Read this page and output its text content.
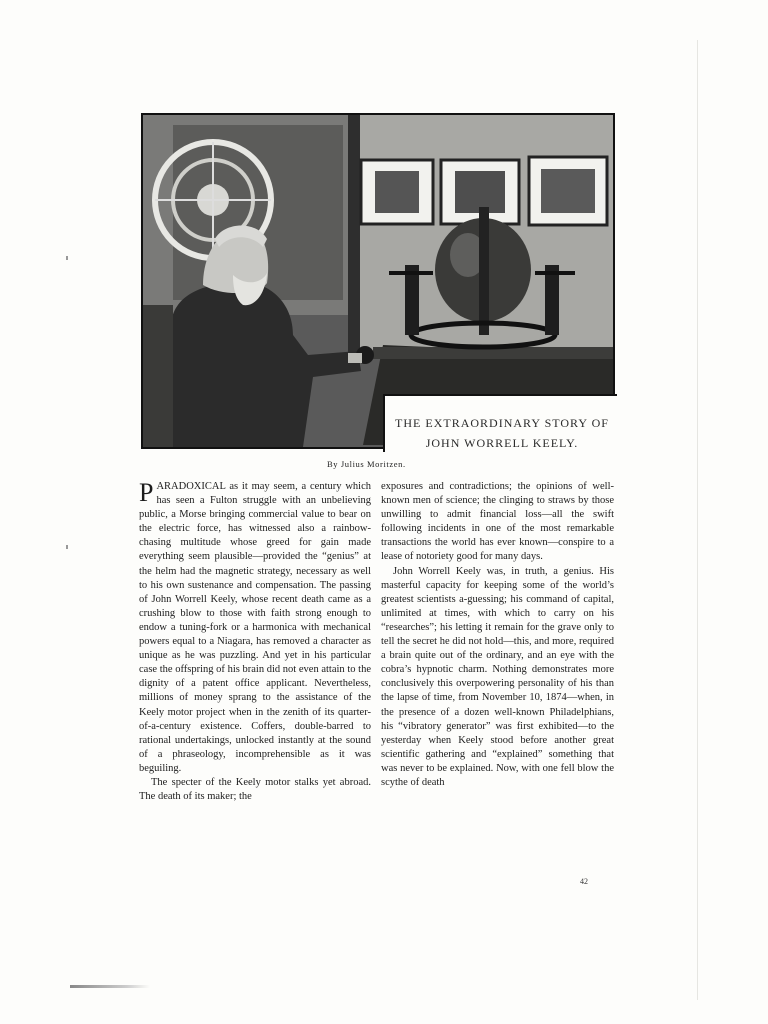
THE EXTRAORDINARY STORY OF
JOHN WORRELL KEELY.
By Julius Moritzen.

P ARADOXICAL as it may seem, a century which has seen a Fulton struggle with an unbelieving public, a Morse bringing commercial value to bear on the electric force, has witnessed also a rainbow-chasing multitude whose greed for gain made everything seem plausible—provided the “genius” at the helm had the magnetic strategy, necessary as well to his own sustenance and compensation. The passing of John Worrell Keely, whose recent death came as a crushing blow to those with faith strong enough to endow a tuning-fork or a harmonica with mechanical powers equal to a Niagara, has removed a character as unique as he was puzzling. And yet in his particular case the offspring of his brain did not even attain to the dignity of a patent office applicant. Nevertheless, millions of money sprang to the assistance of the Keely motor project when in the zenith of its quarter-of-a-century existence. Coffers, double-barred to rational undertakings, unlocked instantly at the sound of a phraseology, incomprehensible as it was beguiling.

The specter of the Keely motor stalks yet abroad. The death of its maker; the

exposures and contradictions; the opinions of well-known men of science; the clinging to straws by those unwilling to admit financial loss—all the swift following incidents in one of the most remarkable transactions the world has ever known—conspire to a lease of notoriety good for many days.

John Worrell Keely was, in truth, a genius. His masterful capacity for keeping some of the world’s greatest scientists a-guessing; his command of capital, unlimited at times, with which to carry on his “researches”; his letting it remain for the grave only to tell the secret he did not hold—this, and more, required a brain quite out of the ordinary, and an eye with the cobra’s hypnotic charm. Nothing demonstrates more conclusively this overpowering personality of his than the lapse of time, from November 10, 1874—when, in the presence of a dozen well-known Philadelphians, his “vibratory generator” was first exhibited—to the yesterday when Keely stood before another great scientific gathering and “explained” something that was never to be explained. Now, with one fell blow the scythe of death

42
